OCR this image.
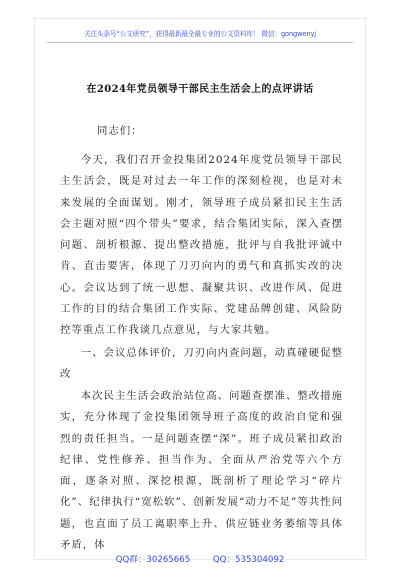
关注头条号“公文研究”，获得最新最全最专业的公文资料库！ 微信：gongwenyj
在2024年党员领导干部民主生活会上的点评讲话
同志们：

今天，我们召开金投集团2024年度党员领导干部民主生活会，既是对过去一年工作的深刻检视，也是对未来发展的全面谋划。刚才，领导班子成员紧扣民主生活会主题对照“四个带头”要求，结合集团实际，深入查摆问题、剖析根源、提出整改措施，批评与自我批评诚中肯、直击要害，体现了刀刃向内的勇气和真抓实改的决心。会议达到了统一思想、凝聚共识、改进作风、促进工作的目的结合集团工作实际、党建品牌创建、风险防控等重点工作我谈几点意见，与大家共勉。

一、会议总体评价，刀刃向内查问题，动真碰硬促整改

本次民主生活会政治站位高、问题查摆准、整改措施实，充分体现了金投集团领导班子高度的政治自觉和强烈的责任担当。一是问题查摆“深”。班子成员紧扣政治纪律、党性修养、担当作为、全面从严治党等六个方面，逐条对照、深挖根源，既剖析了理论学习“碎片化”、纪律执行“宽松软”、创新发展“动力不足”等共性问题，也直面了员工离职率上升、供应链业务萎缩等具体矛盾，体

QQ群：30265665	QQ：535304092
